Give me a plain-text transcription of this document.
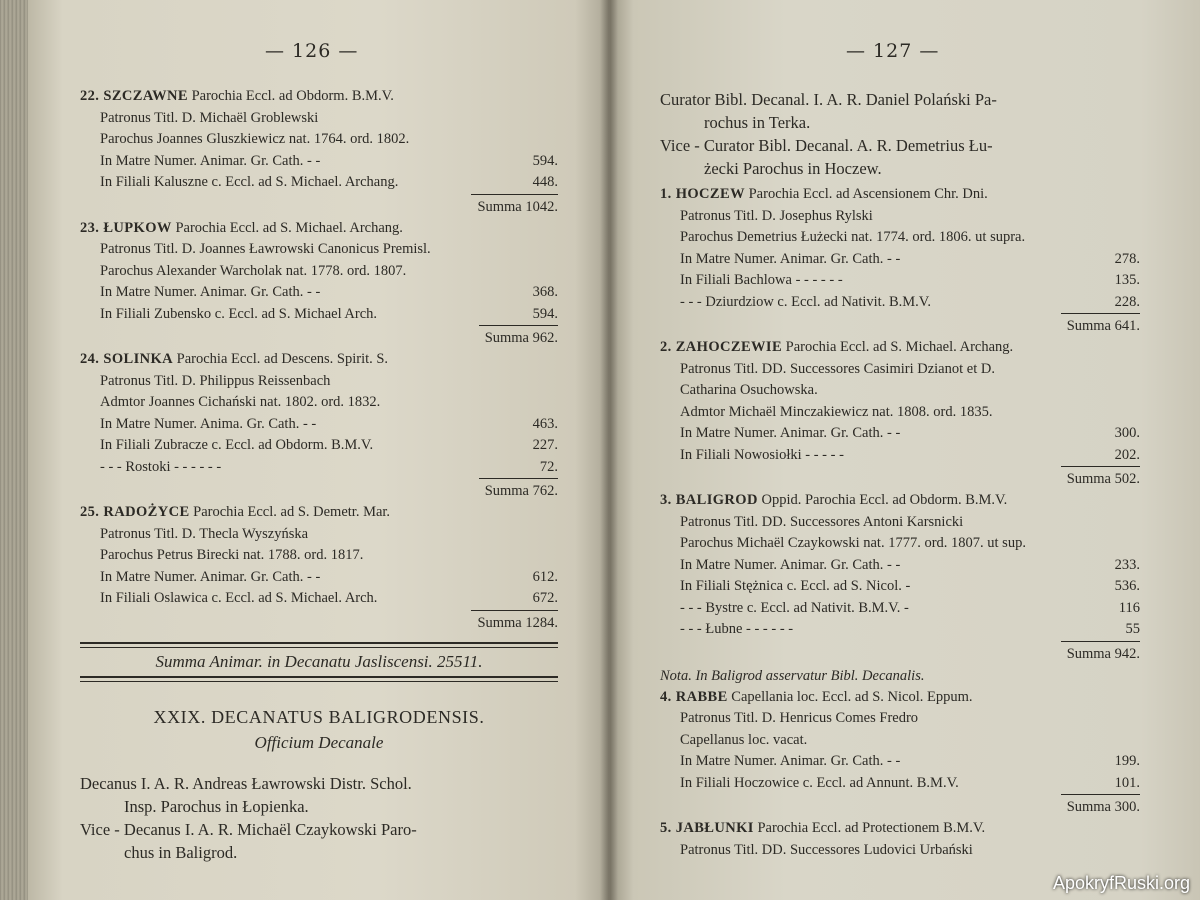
— 126 —
22. SZCZAWNE Parochia Eccl. ad Obdorm. B.M.V.
Patronus Titl. D. Michaël Groblewski
Parochus Joannes Gluszkiewicz nat. 1764. ord. 1802.
In Matre Numer. Animar. Gr. Cath. - -	594.
In Filiali Kaluszne c. Eccl. ad S. Michael. Archang.	448.
Summa 1042.
23. ŁUPKOW Parochia Eccl. ad S. Michael. Archang.
Patronus Titl. D. Joannes Ławrowski Canonicus Premisl.
Parochus Alexander Warcholak nat. 1778. ord. 1807.
In Matre Numer. Animar. Gr. Cath. - -	368.
In Filiali Zubensko c. Eccl. ad S. Michael Arch.	594.
Summa 962.
24. SOLINKA Parochia Eccl. ad Descens. Spirit. S.
Patronus Titl. D. Philippus Reissenbach
Admtor Joannes Cichański nat. 1802. ord. 1832.
In Matre Numer. Anima. Gr. Cath. - -	463.
In Filiali Zubracze c. Eccl. ad Obdorm. B.M.V.	227.
- - - Rostoki - - - - - -	72.
Summa 762.
25. RADOŻYCE Parochia Eccl. ad S. Demetr. Mar.
Patronus Titl. D. Thecla Wyszyńska
Parochus Petrus Birecki nat. 1788. ord. 1817.
In Matre Numer. Animar. Gr. Cath. - -	612.
In Filiali Oslawica c. Eccl. ad S. Michael. Arch.	672.
Summa 1284.
Summa Animar. in Decanatu Jasliscensi. 25511.
XXIX. DECANATUS BALIGRODENSIS.
Officium Decanale
Decanus I. A. R. Andreas Ławrowski Distr. Schol.
Insp. Parochus in Łopienka.
Vice - Decanus I. A. R. Michaël Czaykowski Paro-
chus in Baligrod.
— 127 —
Curator Bibl. Decanal. I. A. R. Daniel Polański Pa-
rochus in Terka.
Vice - Curator Bibl. Decanal. A. R. Demetrius Łu-
żecki Parochus in Hoczew.
1. HOCZEW Parochia Eccl. ad Ascensionem Chr. Dni.
Patronus Titl. D. Josephus Rylski
Parochus Demetrius Łużecki nat. 1774. ord. 1806. ut supra.
In Matre Numer. Animar. Gr. Cath. - -	278.
In Filiali Bachlowa - - - - - -	135.
- - - Dziurdziow c. Eccl. ad Nativit. B.M.V.	228.
Summa 641.
2. ZAHOCZEWIE Parochia Eccl. ad S. Michael. Archang.
Patronus Titl. DD. Successores Casimiri Dzianot et D.
Catharina Osuchowska.
Admtor Michaël Minczakiewicz nat. 1808. ord. 1835.
In Matre Numer. Animar. Gr. Cath. - -	300.
In Filiali Nowosiołki - - - - -	202.
Summa 502.
3. BALIGROD Oppid. Parochia Eccl. ad Obdorm. B.M.V.
Patronus Titl. DD. Successores Antoni Karsnicki
Parochus Michaël Czaykowski nat. 1777. ord. 1807. ut sup.
In Matre Numer. Animar. Gr. Cath. - -	233.
In Filiali Stężnica c. Eccl. ad S. Nicol. -	536.
- - - Bystre c. Eccl. ad Nativit. B.M.V. -	116
- - - Łubne - - - - - -	55
Summa 942.
Nota. In Baligrod asservatur Bibl. Decanalis.
4. RABBE Capellania loc. Eccl. ad S. Nicol. Eppum.
Patronus Titl. D. Henricus Comes Fredro
Capellanus loc. vacat.
In Matre Numer. Animar. Gr. Cath. - -	199.
In Filiali Hoczowice c. Eccl. ad Annunt. B.M.V.	101.
Summa 300.
5. JABŁUNKI Parochia Eccl. ad Protectionem B.M.V.
Patronus Titl. DD. Successores Ludovici Urbański
ApokryfRuski.org
